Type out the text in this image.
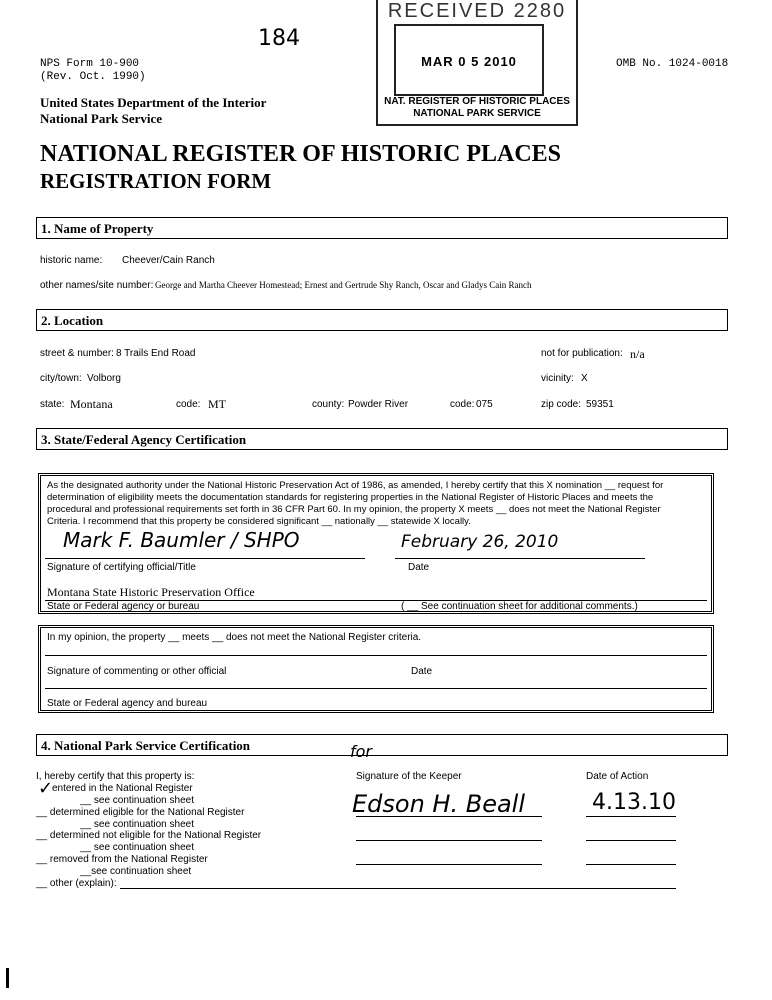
NPS Form 10-900
(Rev. Oct. 1990)
OMB No. 1024-0018
United States Department of the Interior
National Park Service
184
RECEIVED 2280
MAR 0 5 2010
NAT. REGISTER OF HISTORIC PLACES
NATIONAL PARK SERVICE
NATIONAL REGISTER OF HISTORIC PLACES
REGISTRATION FORM
1. Name of Property
historic name: Cheever/Cain Ranch
other names/site number: George and Martha Cheever Homestead; Ernest and Gertrude Shy Ranch, Oscar and Gladys Cain Ranch
2. Location
street & number: 8 Trails End Road	not for publication: n/a
city/town: Volborg	vicinity: X
state: Montana	code: MT	county: Powder River	code: 075	zip code: 59351
3. State/Federal Agency Certification
As the designated authority under the National Historic Preservation Act of 1986, as amended, I hereby certify that this X nomination __ request for
determination of eligibility meets the documentation standards for registering properties in the National Register of Historic Places and meets the
procedural and professional requirements set forth in 36 CFR Part 60. In my opinion, the property X meets __ does not meet the National Register
Criteria. I recommend that this property be considered significant __ nationally __ statewide X locally.
Mark F. Baumler / SHPO	February 26, 2010
Signature of certifying official/Title	Date
Montana State Historic Preservation Office
State or Federal agency or bureau	( __ See continuation sheet for additional comments.)
In my opinion, the property __ meets __ does not meet the National Register criteria.
Signature of commenting or other official	Date
State or Federal agency and bureau
4. National Park Service Certification
I, hereby certify that this property is:
✓
entered in the National Register
__ see continuation sheet
__ determined eligible for the National Register
__ see continuation sheet
__ determined not eligible for the National Register
__ see continuation sheet
__ removed from the National Register
__see continuation sheet
__ other (explain):
Signature of the Keeper	Date of Action
for
Edson H. Beall	4.13.10
